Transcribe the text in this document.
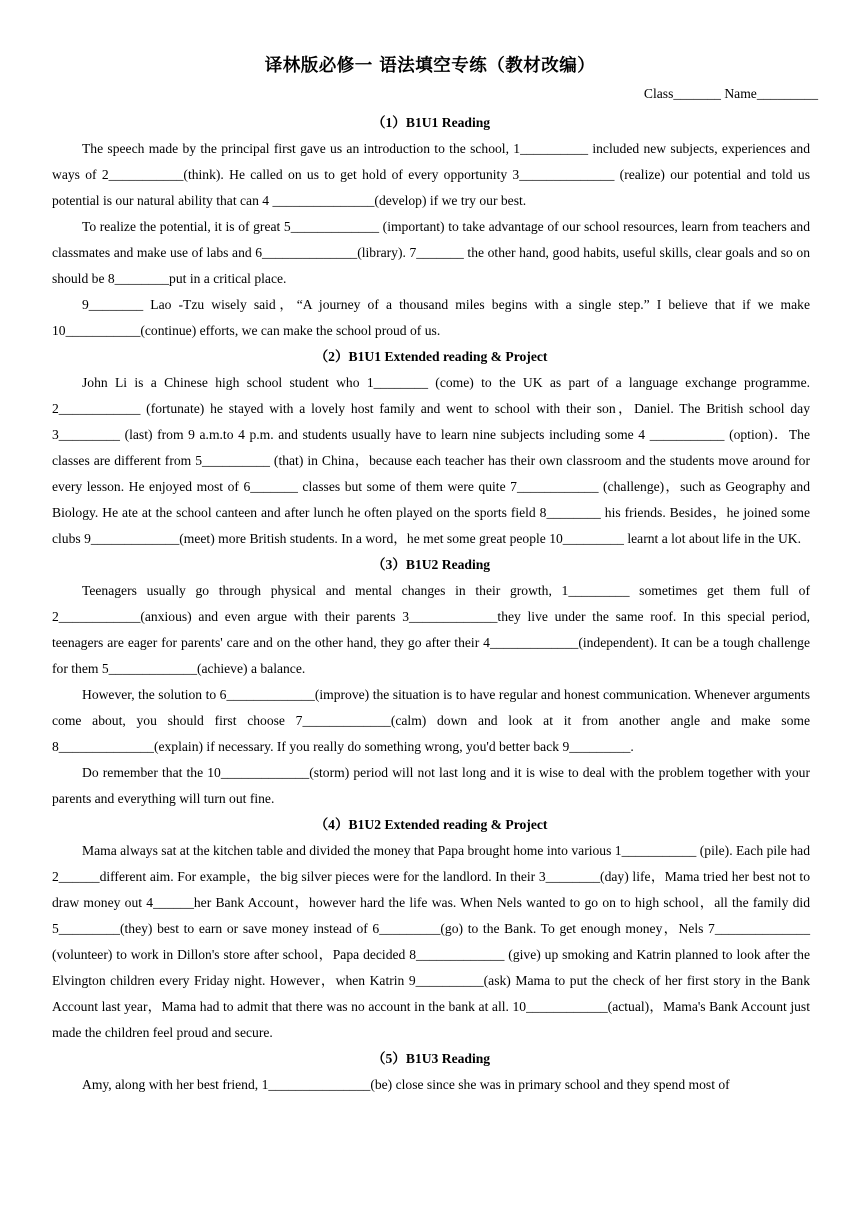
译林版必修一 语法填空专练（教材改编）
Class_______ Name_________
（1）B1U1 Reading

The speech made by the principal first gave us an introduction to the school, 1__________ included new subjects, experiences and ways of 2___________(think). He called on us to get hold of every opportunity 3______________ (realize) our potential and told us potential is our natural ability that can 4 _______________(develop) if we try our best.

To realize the potential, it is of great 5_____________ (important) to take advantage of our school resources, learn from teachers and classmates and make use of labs and 6______________(library). 7_______ the other hand, good habits, useful skills, clear goals and so on should be 8________put in a critical place.

9________ Lao -Tzu wisely said，“A journey of a thousand miles begins with a single step.” I believe that if we make 10___________(continue) efforts, we can make the school proud of us.

（2）B1U1 Extended reading & Project

John Li is a Chinese high school student who 1________ (come) to the UK as part of a language exchange programme. 2____________ (fortunate) he stayed with a lovely host family and went to school with their son，Daniel. The British school day 3_________ (last) from 9 a.m.to 4 p.m. and students usually have to learn nine subjects including some 4 ___________ (option)．The classes are different from 5__________ (that) in China，because each teacher has their own classroom and the students move around for every lesson. He enjoyed most of 6_______ classes but some of them were quite 7____________ (challenge)，such as Geography and Biology. He ate at the school canteen and after lunch he often played on the sports field 8________ his friends. Besides，he joined some clubs 9_____________(meet) more British students. In a word，he met some great people 10_________ learnt a lot about life in the UK.

（3）B1U2 Reading

Teenagers usually go through physical and mental changes in their growth, 1_________ sometimes get them full of 2____________(anxious) and even argue with their parents 3_____________they live under the same roof. In this special period, teenagers are eager for parents' care and on the other hand, they go after their 4_____________(independent). It can be a tough challenge for them 5_____________(achieve) a balance.

However, the solution to 6_____________(improve) the situation is to have regular and honest communication. Whenever arguments come about, you should first choose 7_____________(calm) down and look at it from another angle and make some 8______________(explain) if necessary. If you really do something wrong, you'd better back 9_________.

Do remember that the 10_____________(storm) period will not last long and it is wise to deal with the problem together with your parents and everything will turn out fine.

（4）B1U2 Extended reading & Project

Mama always sat at the kitchen table and divided the money that Papa brought home into various 1___________ (pile). Each pile had 2______different aim. For example，the big silver pieces were for the landlord. In their 3________(day) life，Mama tried her best not to draw money out 4______her Bank Account，however hard the life was. When Nels wanted to go on to high school，all the family did 5_________(they) best to earn or save money instead of 6_________(go) to the Bank. To get enough money，Nels 7______________ (volunteer) to work in Dillon's store after school，Papa decided 8_____________ (give) up smoking and Katrin planned to look after the Elvington children every Friday night. However，when Katrin 9__________(ask) Mama to put the check of her first story in the Bank Account last year，Mama had to admit that there was no account in the bank at all. 10____________(actual)，Mama's Bank Account just made the children feel proud and secure.

（5）B1U3 Reading

Amy, along with her best friend, 1_______________(be) close since she was in primary school and they spend most of
